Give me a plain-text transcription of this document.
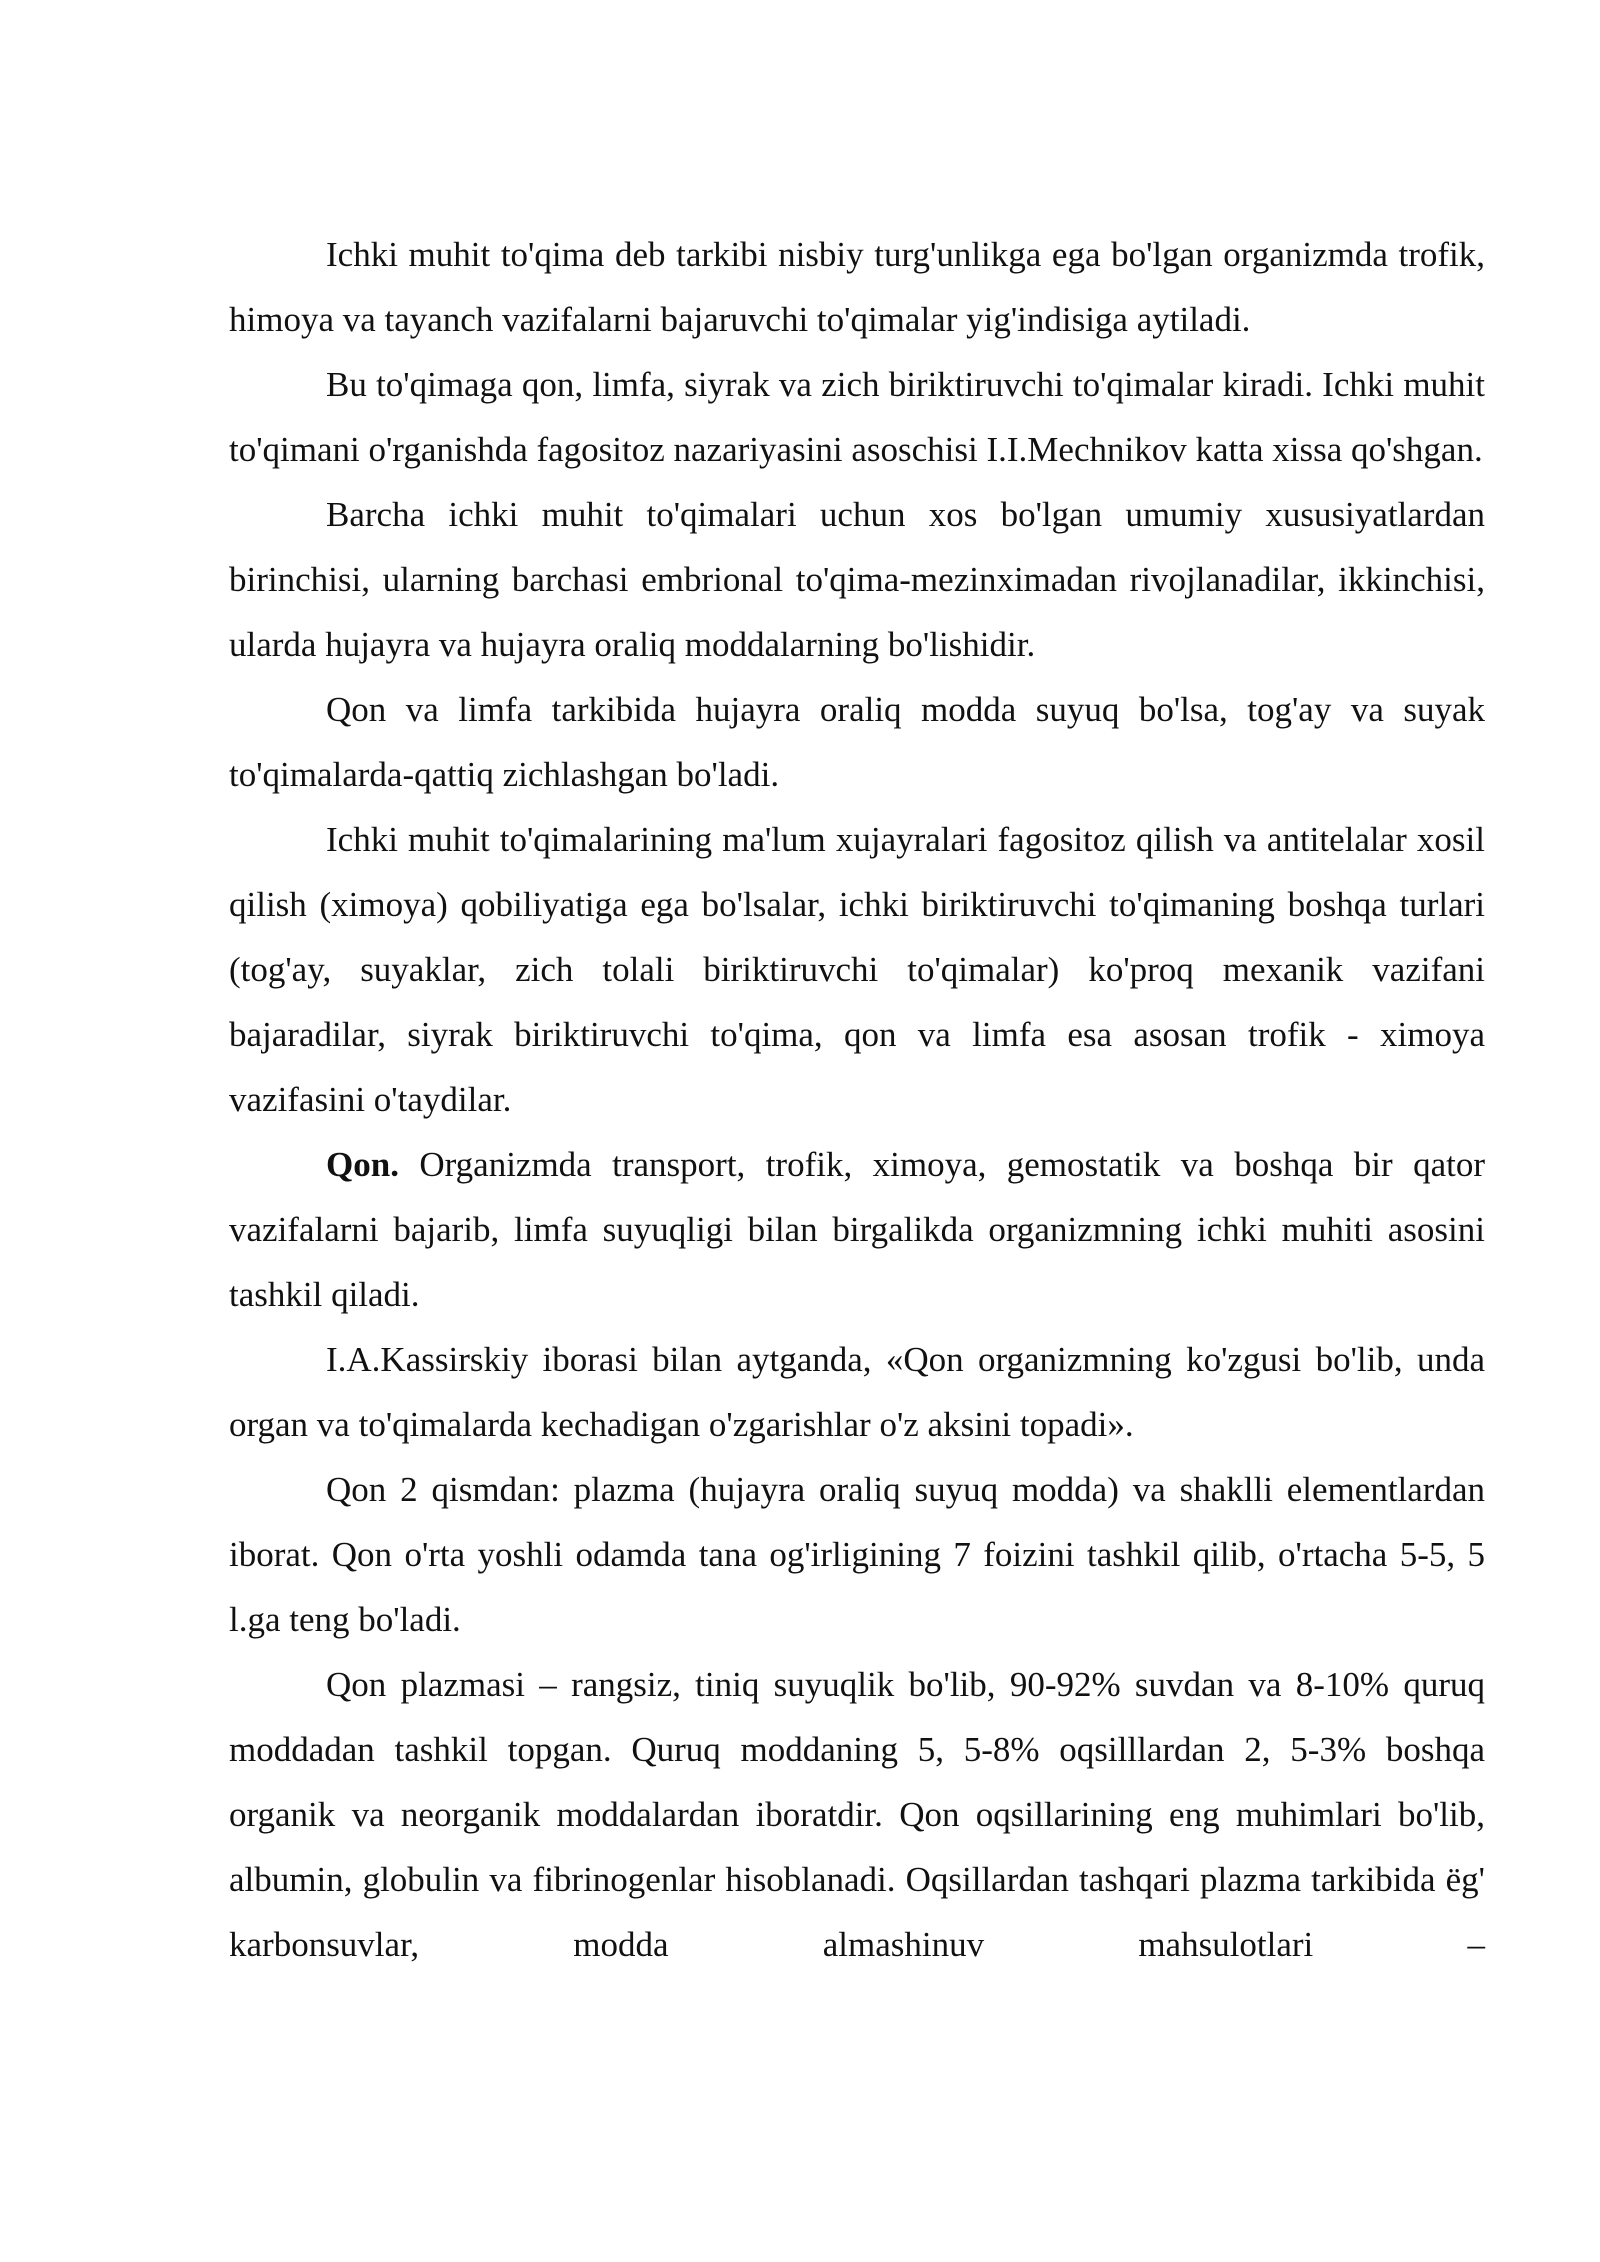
Ichki muhit to'qima deb tarkibi nisbiy turg'unlikga ega bo'lgan organizmda trofik, himoya va tayanch vazifalarni bajaruvchi to'qimalar yig'indisiga aytiladi.

Bu to'qimaga qon, limfa, siyrak va zich biriktiruvchi to'qimalar kiradi. Ichki muhit to'qimani o'rganishda fagositoz nazariyasini asoschisi I.I.Mechnikov katta xissa qo'shgan.

Barcha ichki muhit to'qimalari uchun xos bo'lgan umumiy xususiyatlardan birinchisi, ularning barchasi embrional to'qima-mezinximadan rivojlanadilar, ikkinchisi, ularda hujayra va hujayra oraliq moddalarning bo'lishidir.

Qon va limfa tarkibida hujayra oraliq modda suyuq bo'lsa, tog'ay va suyak to'qimalarda-qattiq zichlashgan bo'ladi.

Ichki muhit to'qimalarining ma'lum xujayralari fagositoz qilish va antitelalar xosil qilish (ximoya) qobiliyatiga ega bo'lsalar, ichki biriktiruvchi to'qimaning boshqa turlari (tog'ay, suyaklar, zich tolali biriktiruvchi to'qimalar) ko'proq mexanik vazifani bajaradilar, siyrak biriktiruvchi to'qima, qon va limfa esa asosan trofik - ximoya vazifasini o'taydilar.

Qon. Organizmda transport, trofik, ximoya, gemostatik va boshqa bir qator vazifalarni bajarib, limfa suyuqligi bilan birgalikda organizmning ichki muhiti asosini tashkil qiladi.

I.A.Kassirskiy iborasi bilan aytganda, «Qon organizmning ko'zgusi bo'lib, unda organ va to'qimalarda kechadigan o'zgarishlar o'z aksini topadi».

Qon 2 qismdan: plazma (hujayra oraliq suyuq modda) va shaklli elementlardan iborat. Qon o'rta yoshli odamda tana og'irligining 7 foizini tashkil qilib, o'rtacha 5-5, 5 l.ga teng bo'ladi.

Qon plazmasi – rangsiz, tiniq suyuqlik bo'lib, 90-92% suvdan va 8-10% quruq moddadan tashkil topgan. Quruq moddaning 5, 5-8% oqsilllardan 2, 5-3% boshqa organik va neorganik moddalardan iboratdir. Qon oqsillarining eng muhimlari bo'lib, albumin, globulin va fibrinogenlar hisoblanadi. Oqsillardan tashqari plazma tarkibida ёg' karbonsuvlar, modda almashinuv mahsulotlari –
